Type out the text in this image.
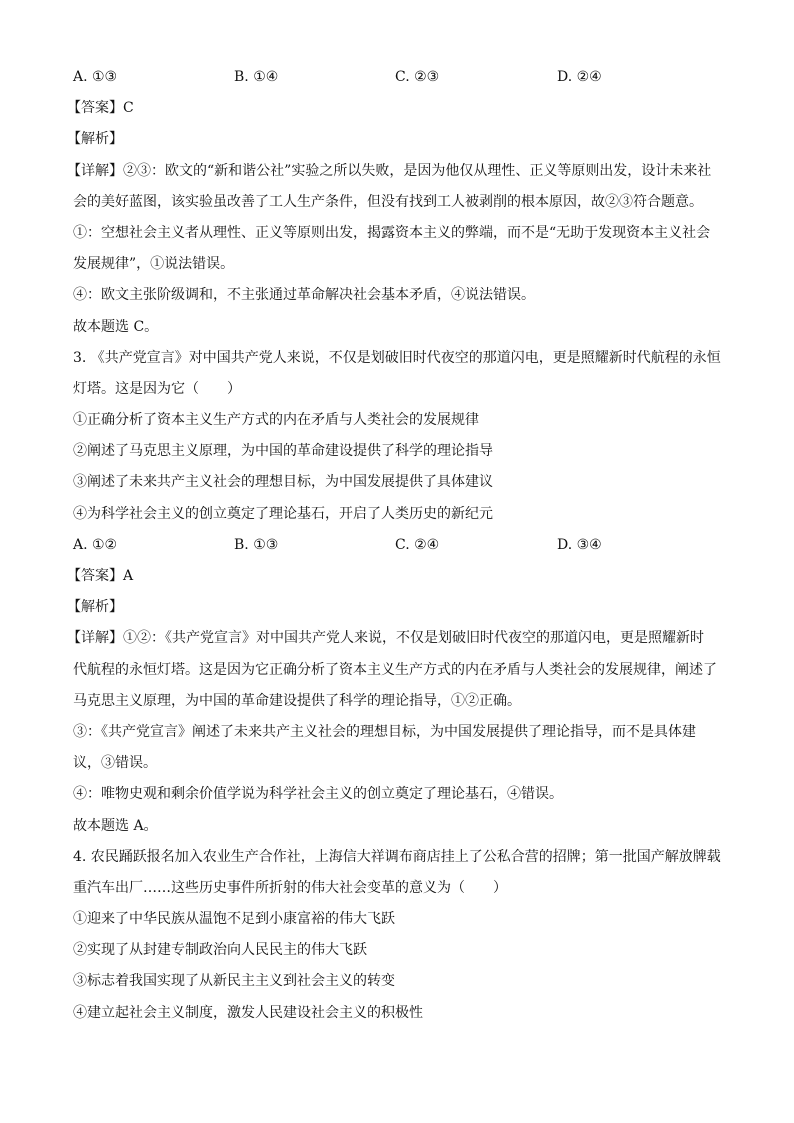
A. ①③	B. ①④	C. ②③	D. ②④
【答案】C
【解析】
【详解】②③：欧文的“新和谐公社”实验之所以失败，是因为他仅从理性、正义等原则出发，设计未来社
会的美好蓝图，该实验虽改善了工人生产条件，但没有找到工人被剥削的根本原因，故②③符合题意。
①：空想社会主义者从理性、正义等原则出发，揭露资本主义的弊端，而不是“无助于发现资本主义社会
发展规律”，①说法错误。
④：欧文主张阶级调和，不主张通过革命解决社会基本矛盾，④说法错误。
故本题选 C。
3. 《共产党宣言》对中国共产党人来说，不仅是划破旧时代夜空的那道闪电，更是照耀新时代航程的永恒
灯塔。这是因为它（　　）
①正确分析了资本主义生产方式的内在矛盾与人类社会的发展规律
②阐述了马克思主义原理，为中国的革命建设提供了科学的理论指导
③阐述了未来共产主义社会的理想目标，为中国发展提供了具体建议
④为科学社会主义的创立奠定了理论基石，开启了人类历史的新纪元
A. ①②	B. ①③	C. ②④	D. ③④
【答案】A
【解析】
【详解】①②：《共产党宣言》对中国共产党人来说，不仅是划破旧时代夜空的那道闪电，更是照耀新时
代航程的永恒灯塔。这是因为它正确分析了资本主义生产方式的内在矛盾与人类社会的发展规律，阐述了
马克思主义原理，为中国的革命建设提供了科学的理论指导，①②正确。
③：《共产党宣言》阐述了未来共产主义社会的理想目标，为中国发展提供了理论指导，而不是具体建
议，③错误。
④：唯物史观和剩余价值学说为科学社会主义的创立奠定了理论基石，④错误。
故本题选 A。
4. 农民踊跃报名加入农业生产合作社，上海信大祥调布商店挂上了公私合营的招牌；第一批国产解放牌载
重汽车出厂……这些历史事件所折射的伟大社会变革的意义为（　　）
①迎来了中华民族从温饱不足到小康富裕的伟大飞跃
②实现了从封建专制政治向人民民主的伟大飞跃
③标志着我国实现了从新民主主义到社会主义的转变
④建立起社会主义制度，激发人民建设社会主义的积极性
